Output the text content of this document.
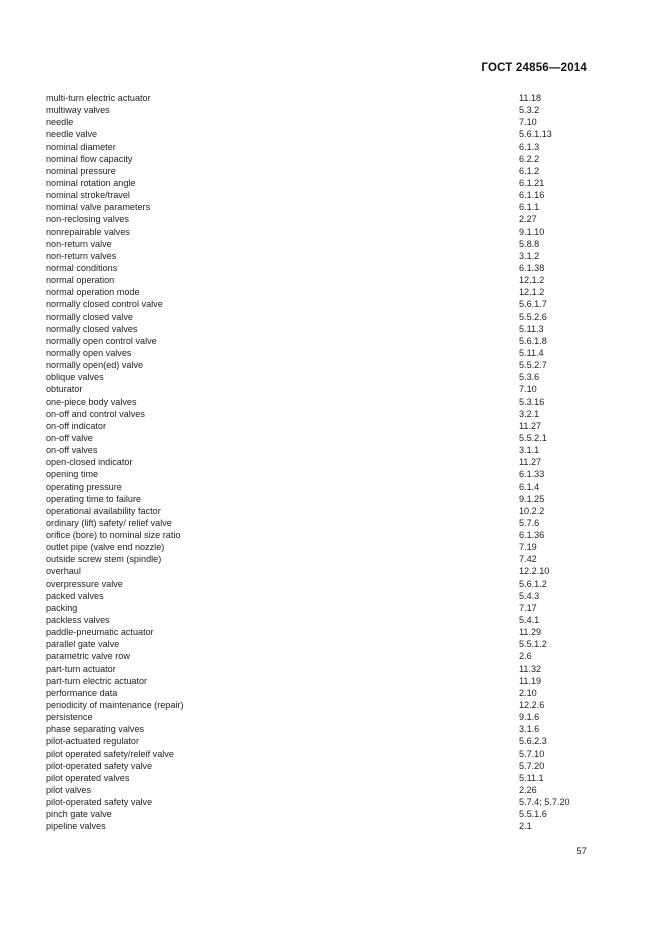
ГОСТ 24856—2014
multi-turn electric actuator	11.18
multiway valves	5.3.2
needle	7.10
needle valve	5.6.1.13
nominal diameter	6.1.3
nominal flow capacity	6.2.2
nominal pressure	6.1.2
nominal rotation angle	6.1.21
nominal stroke/travel	6.1.16
nominal valve parameters	6.1.1
non-reclosing valves	2.27
nonrepairable valves	9.1.10
non-return valve	5.8.8
non-return valves	3.1.2
normal conditions	6.1.38
normal operation	12.1.2
normal operation mode	12.1.2
normally closed control valve	5.6.1.7
normally closed valve	5.5.2.6
normally closed valves	5.11.3
normally open control valve	5.6.1.8
normally open valves	5.11.4
normally open(ed) valve	5.5.2.7
oblique valves	5.3.6
obturator	7.10
one-piece body valves	5.3.16
on-off and control valves	3.2.1
on-off indicator	11.27
on-off valve	5.5.2.1
on-off valves	3.1.1
open-closed indicator	11.27
opening time	6.1.33
operating pressure	6.1.4
operating time to failure	9.1.25
operational availability factor	10.2.2
ordinary (lift) safety/ relief valve	5.7.6
orifice (bore) to nominal size ratio	6.1.36
outlet pipe (valve end nozzle)	7.19
outside screw stem (spindle)	7.42
overhaul	12.2.10
overpressure valve	5.6.1.2
packed valves	5.4.3
packing	7.17
packless valves	5.4.1
paddle-pneumatic actuator	11.29
parallel gate valve	5.5.1.2
parametric valve row	2.6
part-turn actuator	11.32
part-turn electric actuator	11.19
performance data	2.10
periodicity of maintenance (repair)	12.2.6
persistence	9.1.6
phase separating valves	3.1.6
pilot-actuated regulator	5.6.2.3
pilot operated safety/releif valve	5.7.10
pilot-operated safety valve	5.7.20
pilot operated valves	5.11.1
pilot valves	2.26
pilot-operated safety valve	5.7.4; 5.7.20
pinch gate valve	5.5.1.6
pipeline valves	2.1
57
